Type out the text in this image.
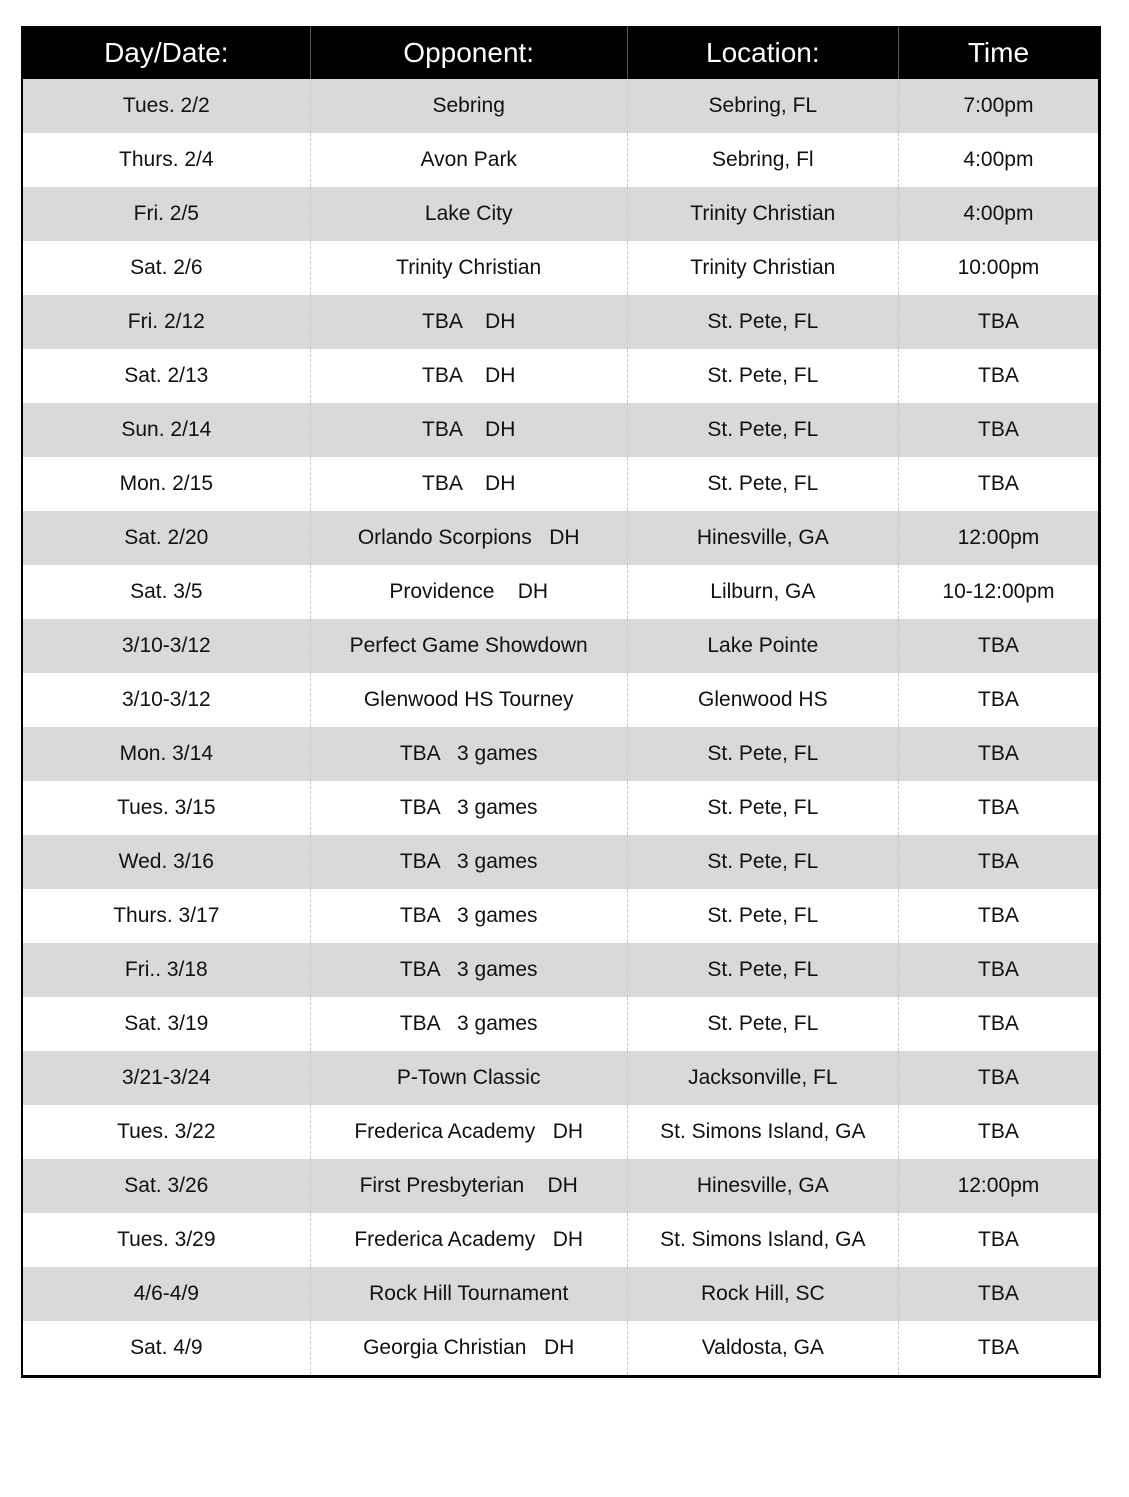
Day/Date:	Opponent:	Location:	Time
Tues. 2/2	Sebring	Sebring, FL	7:00pm
Thurs. 2/4	Avon Park	Sebring, Fl	4:00pm
Fri. 2/5	Lake City	Trinity Christian	4:00pm
Sat. 2/6	Trinity Christian	Trinity Christian	10:00pm
Fri. 2/12	TBA    DH	St. Pete, FL	TBA
Sat. 2/13	TBA    DH	St. Pete, FL	TBA
Sun. 2/14	TBA    DH	St. Pete, FL	TBA
Mon. 2/15	TBA    DH	St. Pete, FL	TBA
Sat. 2/20	Orlando Scorpions   DH	Hinesville, GA	12:00pm
Sat. 3/5	Providence    DH	Lilburn, GA	10-12:00pm
3/10-3/12	Perfect Game Showdown	Lake Pointe	TBA
3/10-3/12	Glenwood HS Tourney	Glenwood HS	TBA
Mon. 3/14	TBA   3 games	St. Pete, FL	TBA
Tues. 3/15	TBA   3 games	St. Pete, FL	TBA
Wed. 3/16	TBA   3 games	St. Pete, FL	TBA
Thurs. 3/17	TBA   3 games	St. Pete, FL	TBA
Fri.. 3/18	TBA   3 games	St. Pete, FL	TBA
Sat. 3/19	TBA   3 games	St. Pete, FL	TBA
3/21-3/24	P-Town Classic	Jacksonville, FL	TBA
Tues. 3/22	Frederica Academy   DH	St. Simons Island, GA	TBA
Sat. 3/26	First Presbyterian    DH	Hinesville, GA	12:00pm
Tues. 3/29	Frederica Academy   DH	St. Simons Island, GA	TBA
4/6-4/9	Rock Hill Tournament	Rock Hill, SC	TBA
Sat. 4/9	Georgia Christian   DH	Valdosta, GA	TBA
